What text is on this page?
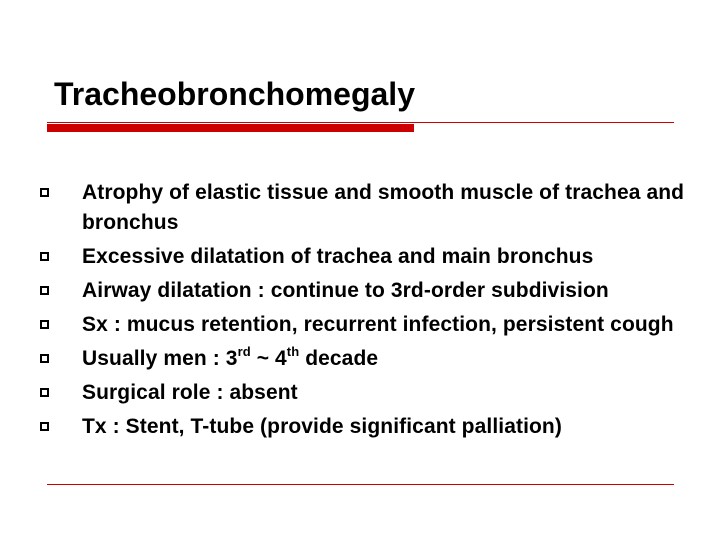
Tracheobronchomegaly
Atrophy of elastic tissue and smooth muscle of trachea and bronchus
Excessive dilatation of trachea and main bronchus
Airway dilatation : continue to 3rd-order subdivision
Sx : mucus retention, recurrent infection, persistent cough
Usually men : 3rd ~ 4th decade
Surgical role : absent
Tx : Stent, T-tube (provide significant palliation)
